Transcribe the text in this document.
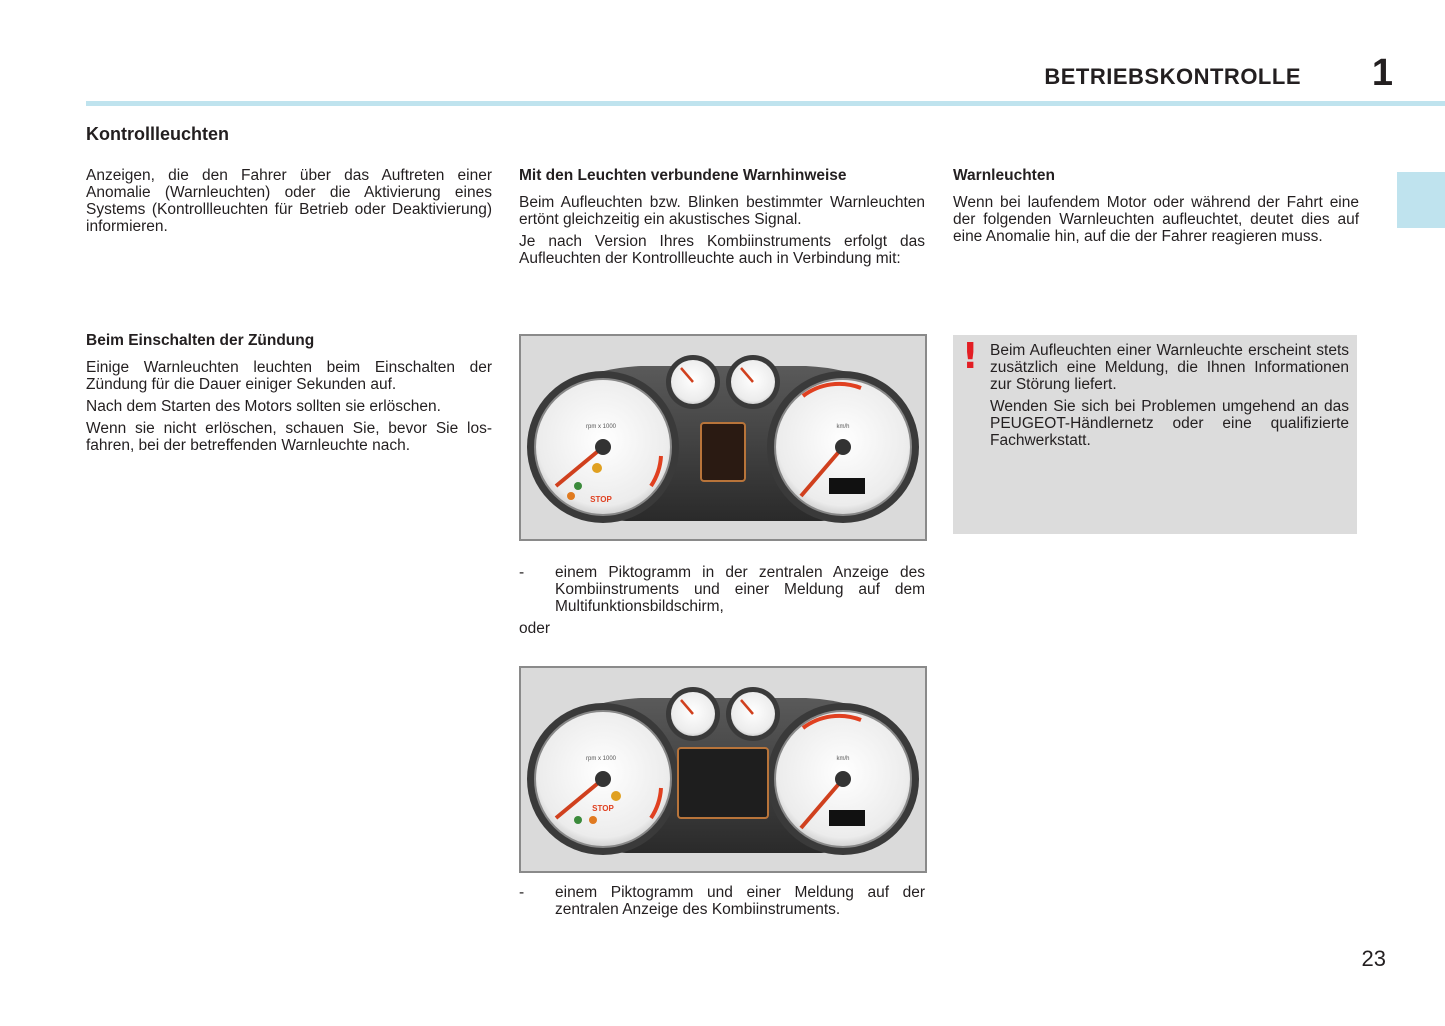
BETRIEBSKONTROLLE 1
Kontrollleuchten

Anzeigen, die den Fahrer über das Auftreten einer Anomalie (Warnleuchten) oder die Aktivierung eines Systems (Kontrollleuchten für Betrieb oder Deaktivierung) informieren.

Beim Einschalten der Zündung

Einige Warnleuchten leuchten beim Einschalten der Zündung für die Dauer einiger Sekunden auf.

Nach dem Starten des Motors sollten sie erlöschen.

Wenn sie nicht erlöschen, schauen Sie, bevor Sie losfahren, bei der betreffenden Warnleuchte nach.

Mit den Leuchten verbundene Warnhinweise

Beim Aufleuchten bzw. Blinken bestimmter Warnleuchten ertönt gleichzeitig ein akustisches Signal.

Je nach Version Ihres Kombiinstruments erfolgt das Aufleuchten der Kontrollleuchte auch in Verbindung mit:

Warnleuchten

Wenn bei laufendem Motor oder während der Fahrt eine der folgenden Warnleuchten aufleuchtet, deutet dies auf eine Anomalie hin, auf die der Fahrer reagieren muss.

rpm x 1000	km/h
STOP
- einem Piktogramm in der zentralen Anzeige des Kombiinstruments und einer Meldung auf dem Multifunktionsbildschirm,
oder
rpm x 1000	km/h
STOP
- einem Piktogramm und einer Meldung auf der zentralen Anzeige des Kombiinstruments.
! Beim Aufleuchten einer Warnleuchte erscheint stets zusätzlich eine Meldung, die Ihnen Informationen zur Störung liefert.

Wenden Sie sich bei Problemen umgehend an das PEUGEOT-Händlernetz oder eine qualifizierte Fachwerkstatt.

23
